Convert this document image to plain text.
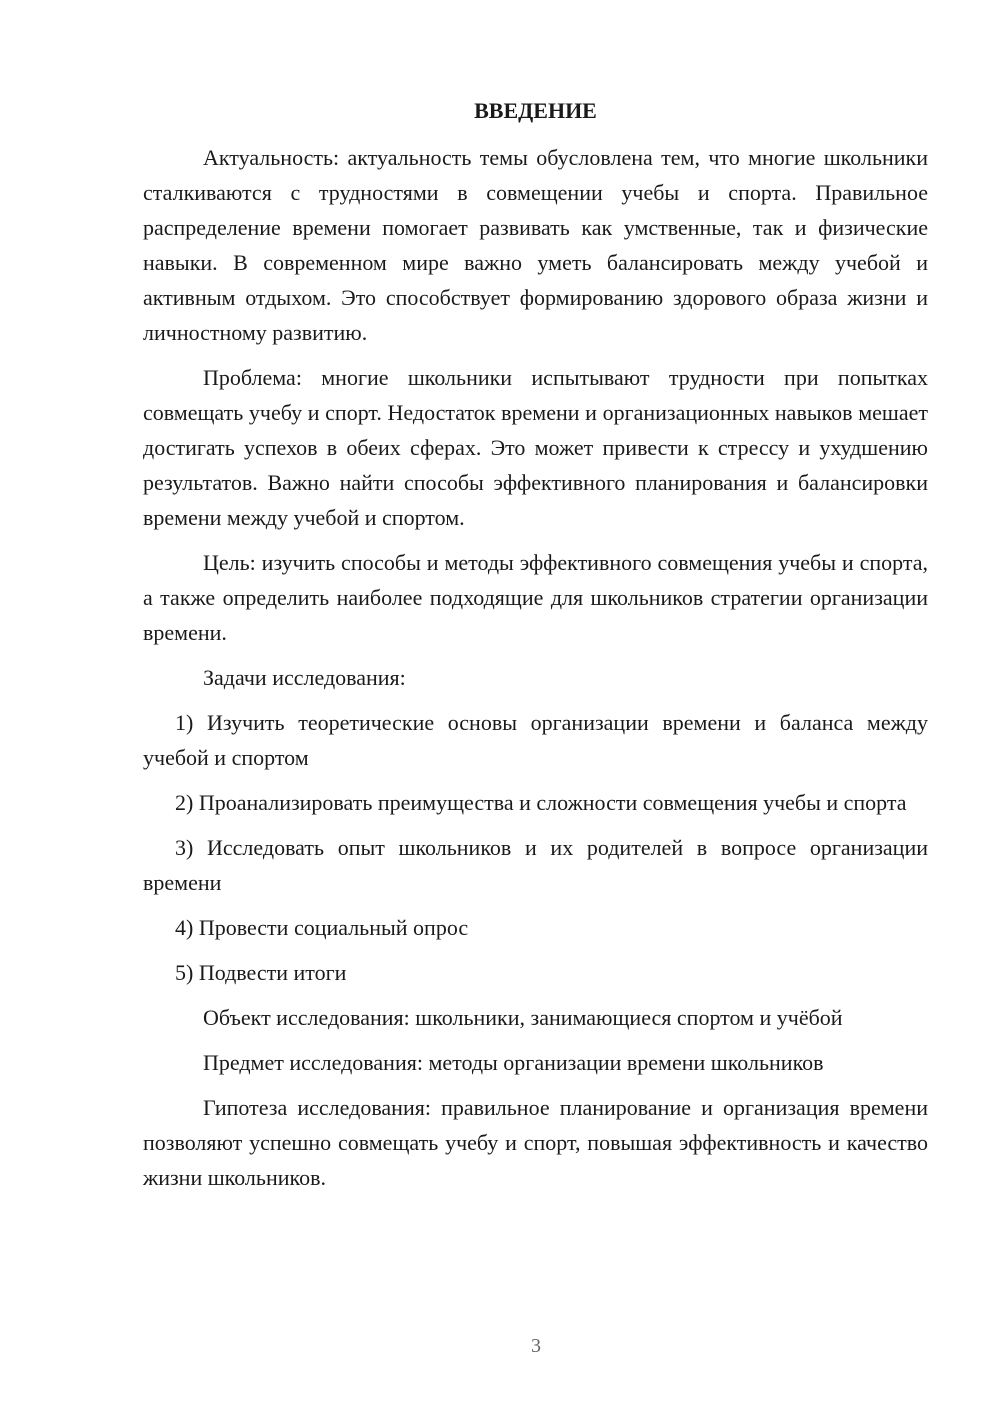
ВВЕДЕНИЕ

Актуальность: актуальность темы обусловлена тем, что многие школьники сталкиваются с трудностями в совмещении учебы и спорта. Правильное распределение времени помогает развивать как умственные, так и физические навыки. В современном мире важно уметь балансировать между учебой и активным отдыхом. Это способствует формированию здорового образа жизни и личностному развитию.

Проблема: многие школьники испытывают трудности при попытках совмещать учебу и спорт. Недостаток времени и организационных навыков мешает достигать успехов в обеих сферах. Это может привести к стрессу и ухудшению результатов. Важно найти способы эффективного планирования и балансировки времени между учебой и спортом.

Цель: изучить способы и методы эффективного совмещения учебы и спорта, а также определить наиболее подходящие для школьников стратегии организации времени.

Задачи исследования:

1) Изучить теоретические основы организации времени и баланса между учебой и спортом

2) Проанализировать преимущества и сложности совмещения учебы и спорта

3) Исследовать опыт школьников и их родителей в вопросе организации времени

4) Провести социальный опрос

5) Подвести итоги

Объект исследования: школьники, занимающиеся спортом и учёбой

Предмет исследования: методы организации времени школьников

Гипотеза исследования: правильное планирование и организация времени позволяют успешно совмещать учебу и спорт, повышая эффективность и качество жизни школьников.

3
